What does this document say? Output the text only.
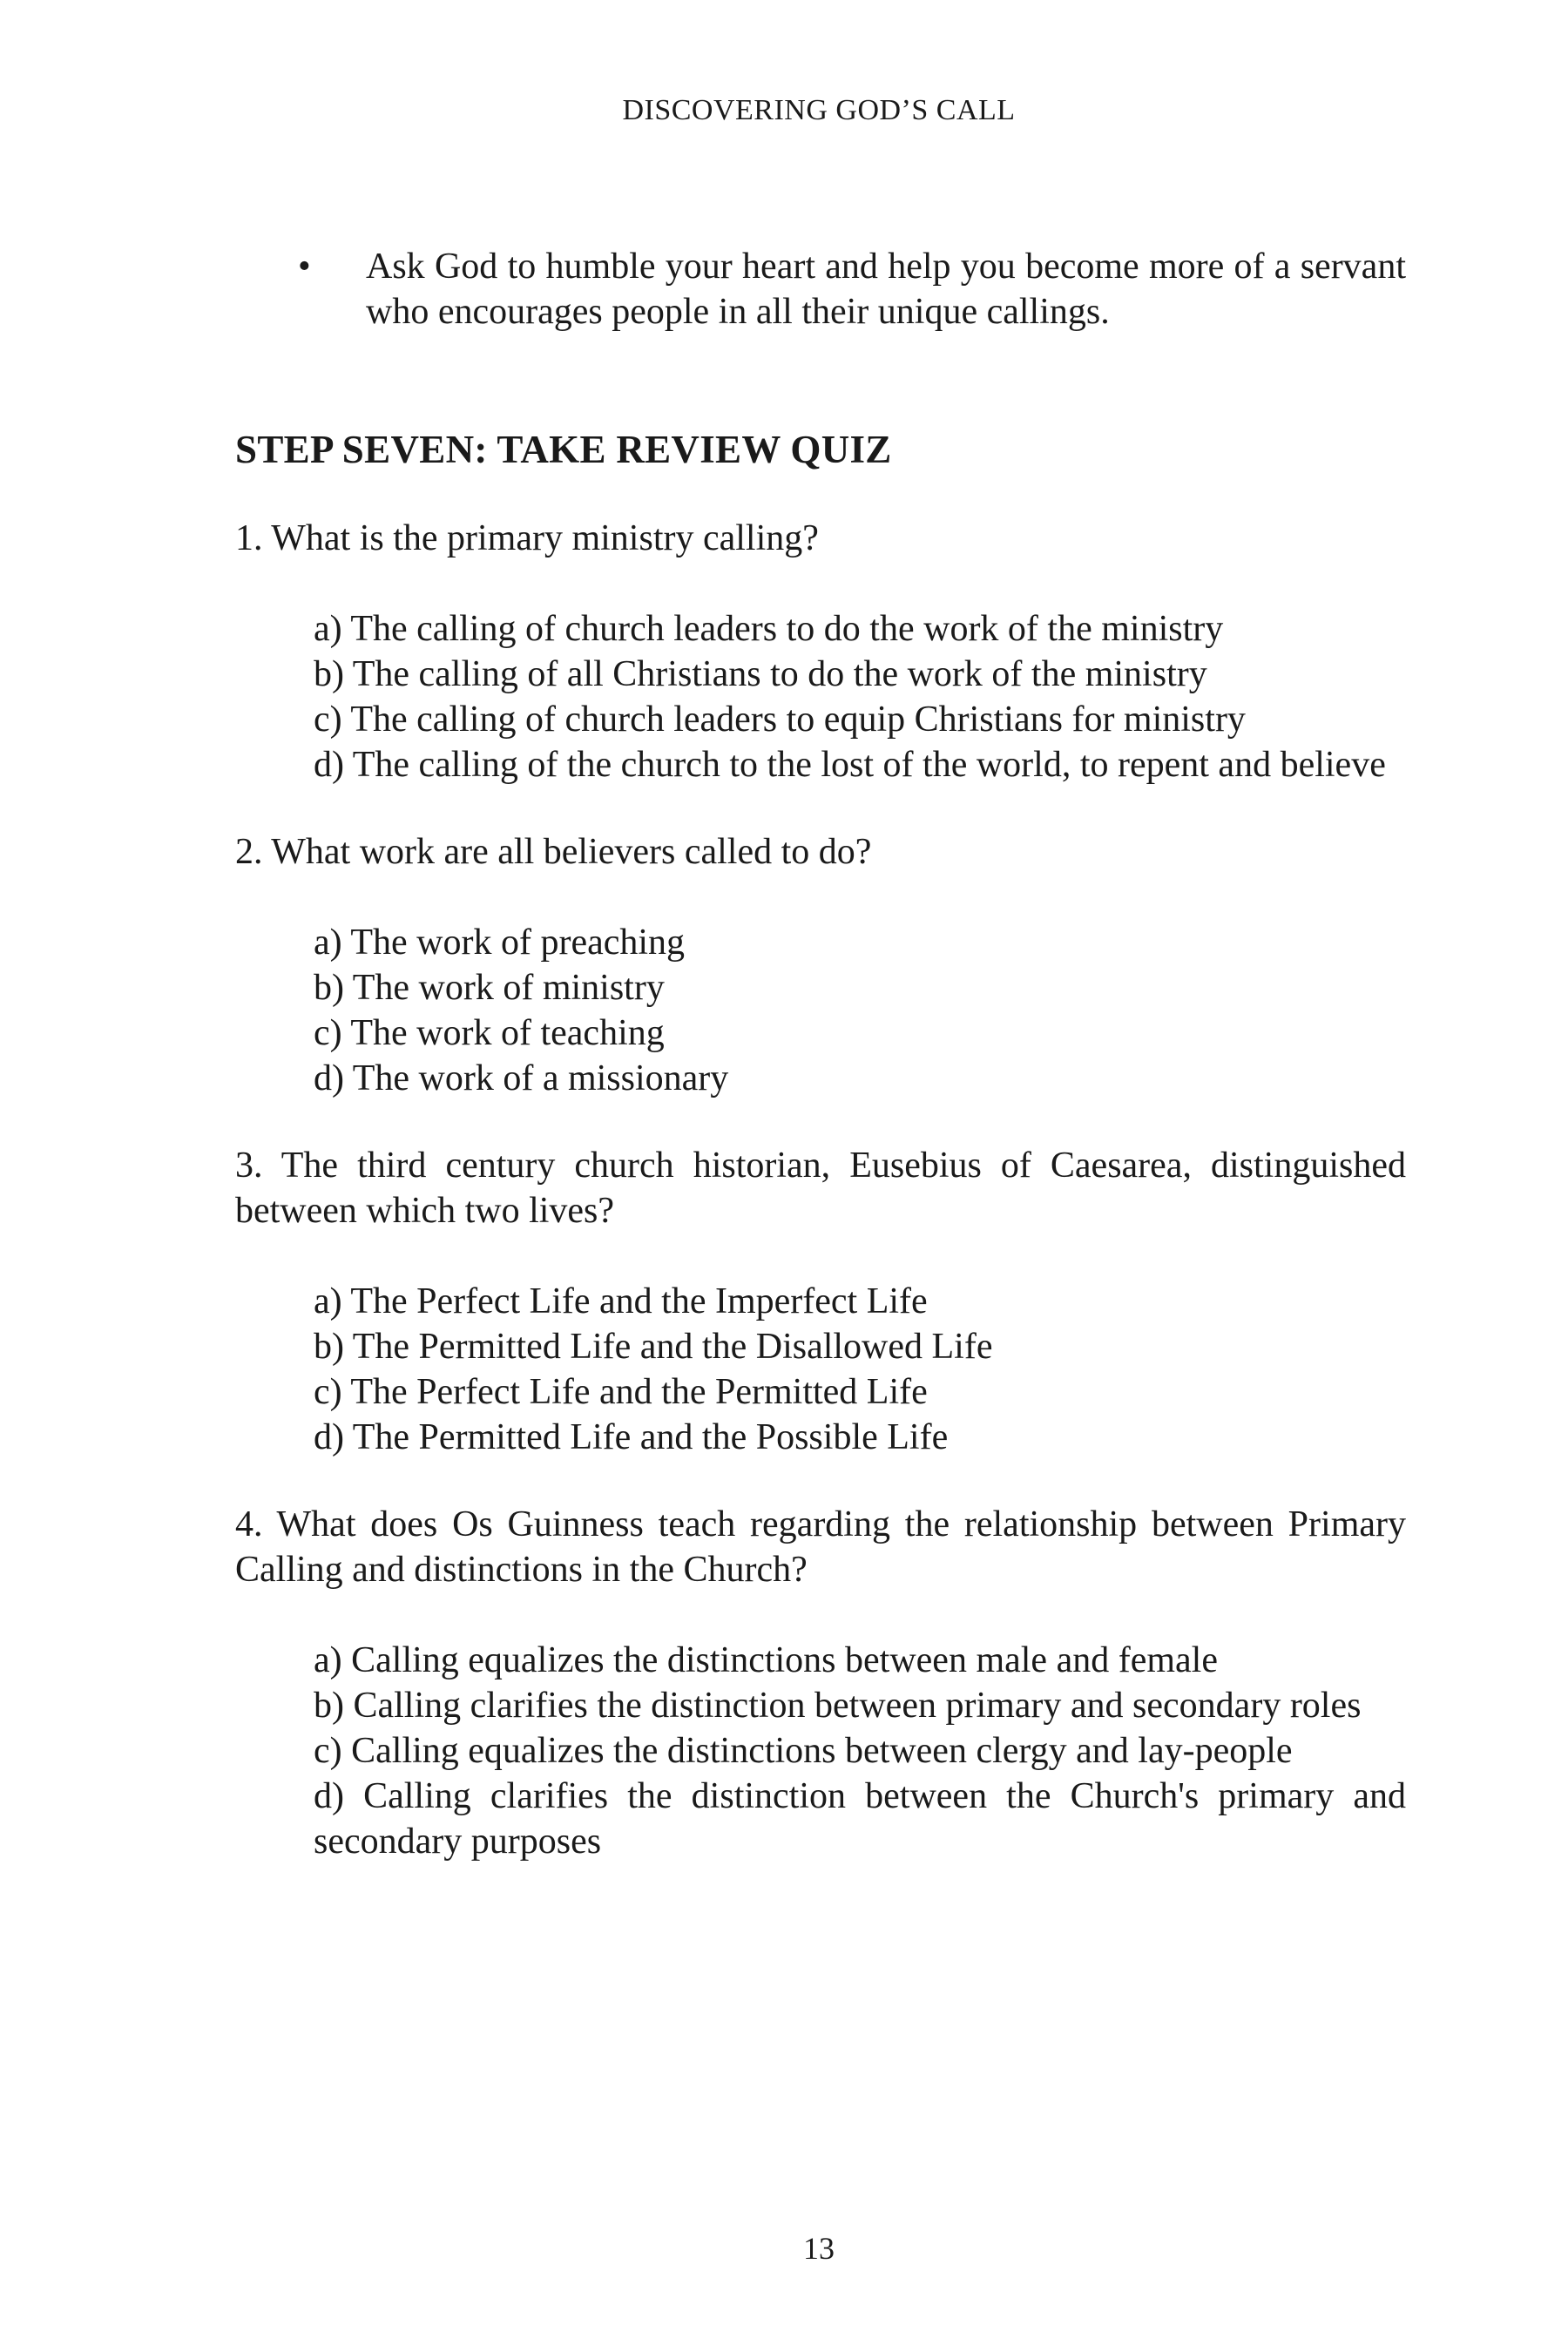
DISCOVERING GOD’S CALL
• Ask God to humble your heart and help you become more of a servant who encourages people in all their unique callings.
STEP SEVEN: TAKE REVIEW QUIZ
1. What is the primary ministry calling?
a) The calling of church leaders to do the work of the ministry
b) The calling of all Christians to do the work of the ministry
c) The calling of church leaders to equip Christians for ministry
d) The calling of the church to the lost of the world, to repent and believe
2. What work are all believers called to do?
a) The work of preaching
b) The work of ministry
c) The work of teaching
d) The work of a missionary
3. The third century church historian, Eusebius of Caesarea, distinguished between which two lives?
a) The Perfect Life and the Imperfect Life
b) The Permitted Life and the Disallowed Life
c) The Perfect Life and the Permitted Life
d) The Permitted Life and the Possible Life
4. What does Os Guinness teach regarding the relationship between Primary Calling and distinctions in the Church?
a) Calling equalizes the distinctions between male and female
b) Calling clarifies the distinction between primary and secondary roles
c) Calling equalizes the distinctions between clergy and lay-people
d) Calling clarifies the distinction between the Church's primary and secondary purposes
13
